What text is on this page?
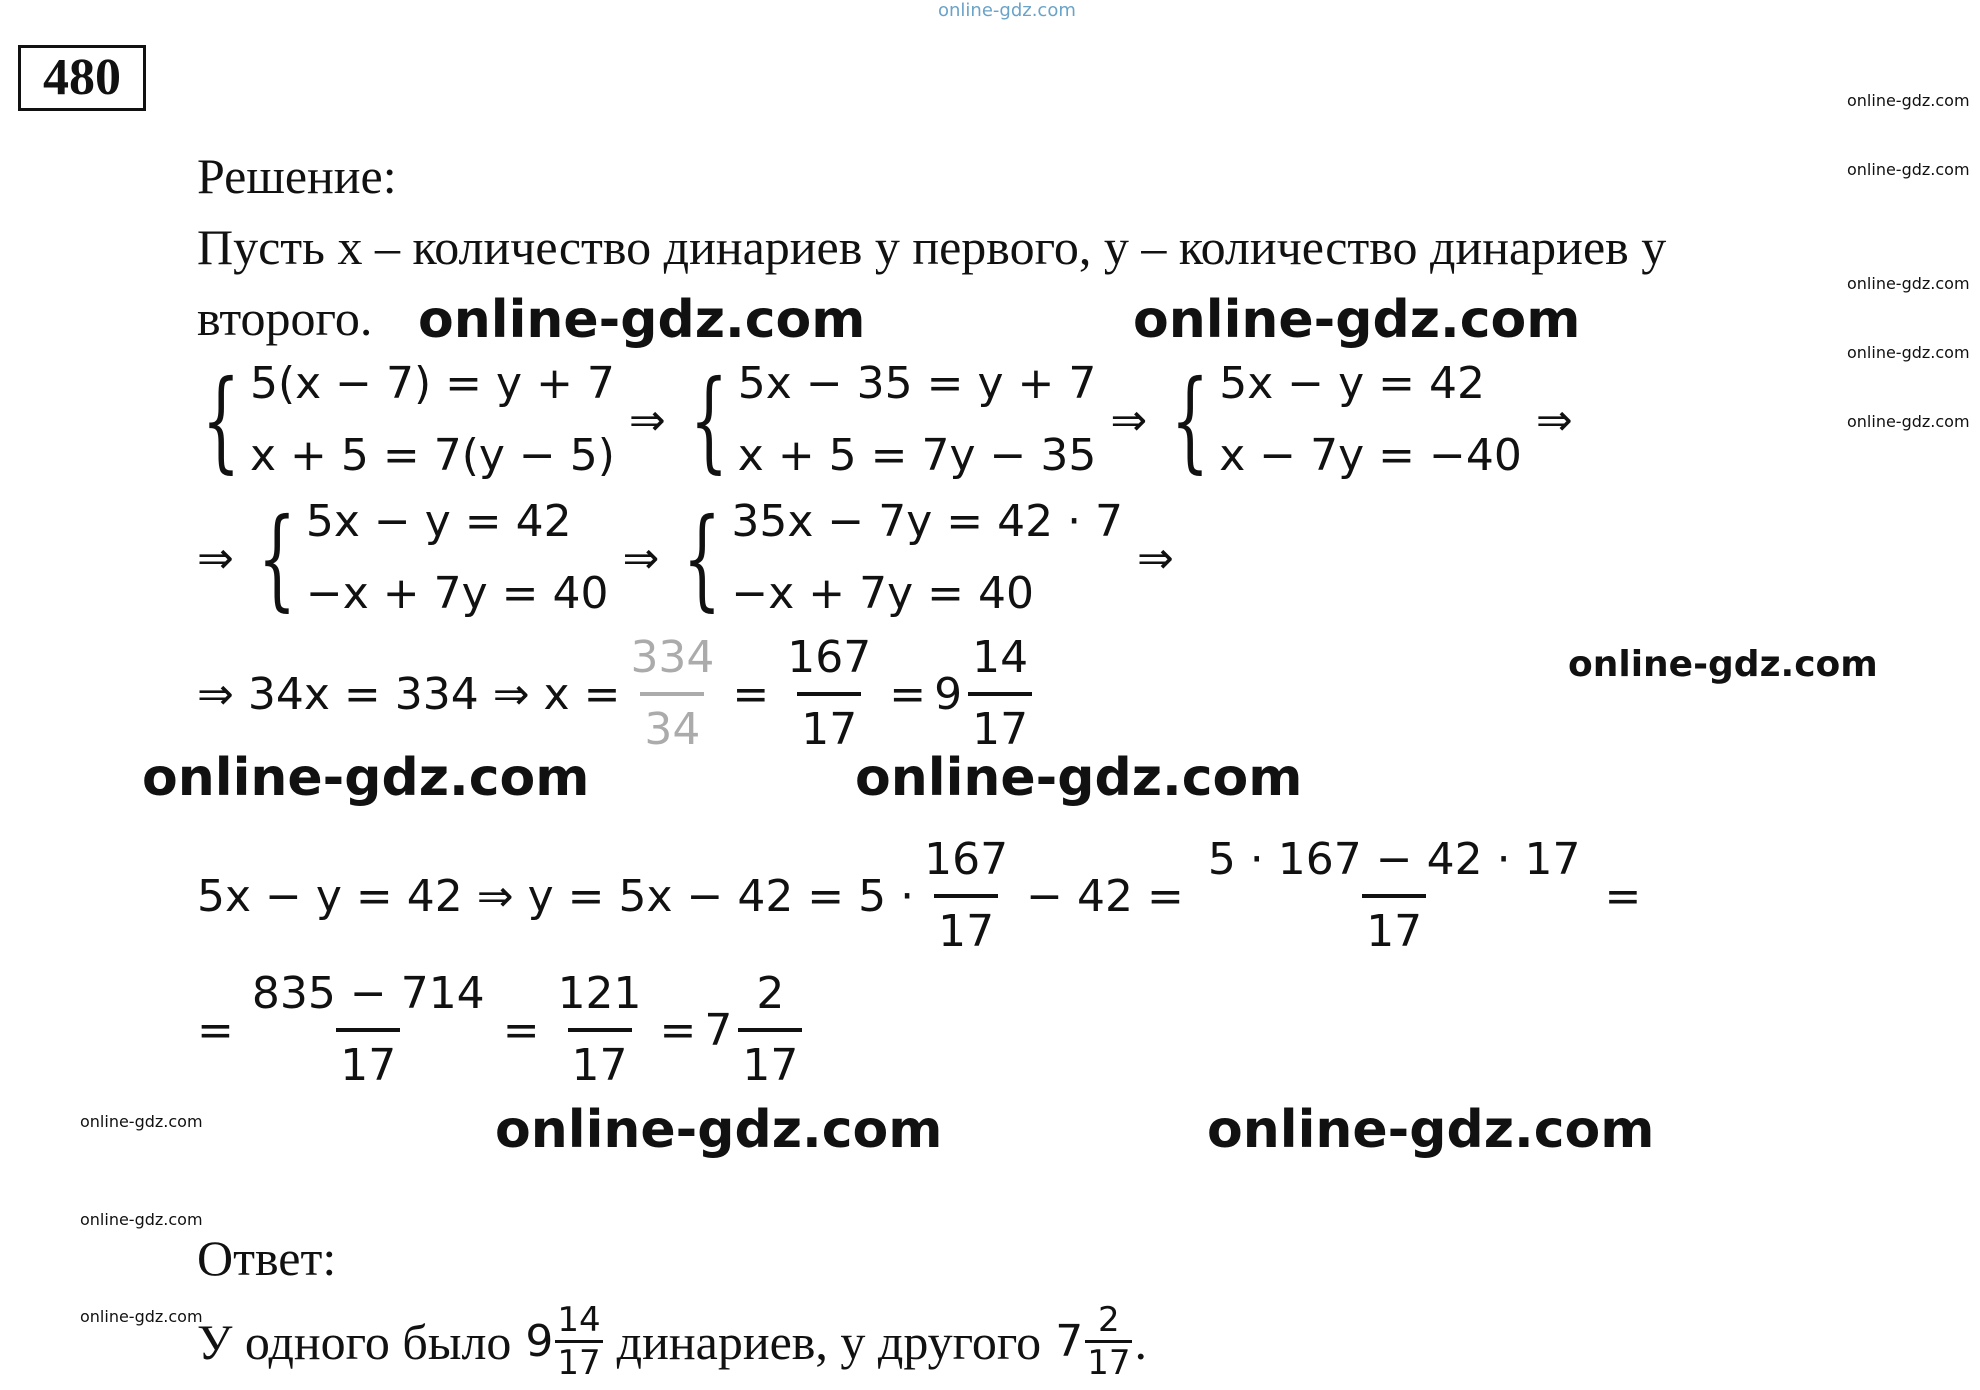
online-gdz.com
480
Решение:
Пусть x – количество динариев у первого, y – количество динариев у
второго.
{ 5(x − 7) = y + 7
x + 5 = 7(y − 5)
⇒ { 5x − 35 = y + 7
x + 5 = 7y − 35
⇒ { 5x − y = 42
x − 7y = −40
⇒
⇒ { 5x − y = 42
−x + 7y = 40
⇒ { 35x − 7y = 42 · 7
−x + 7y = 40
⇒
⇒ 34x = 334 ⇒ $x = \frac{334}{34} = \frac{167}{17} = 9 \frac{14}{17}$
5x − y = 42 ⇒ $y = 5x - 42 = 5 \cdot \frac{167}{17} - 42 = \frac{5 \cdot 167 - 42 \cdot 17}{17}$ =
= $\frac{835 - 714}{17} = \frac{121}{17} = 7 \frac{2}{17}$
Ответ:
У одного было $9 \frac{14}{17}$ динариев, у другого $7 \frac{2}{17}$ .
online-gdz.com	online-gdz.com
online-gdz.com
online-gdz.com	online-gdz.com
online-gdz.com	online-gdz.com
online-gdz.com
online-gdz.com
online-gdz.com
online-gdz.com
online-gdz.com
online-gdz.com
online-gdz.com
online-gdz.com
